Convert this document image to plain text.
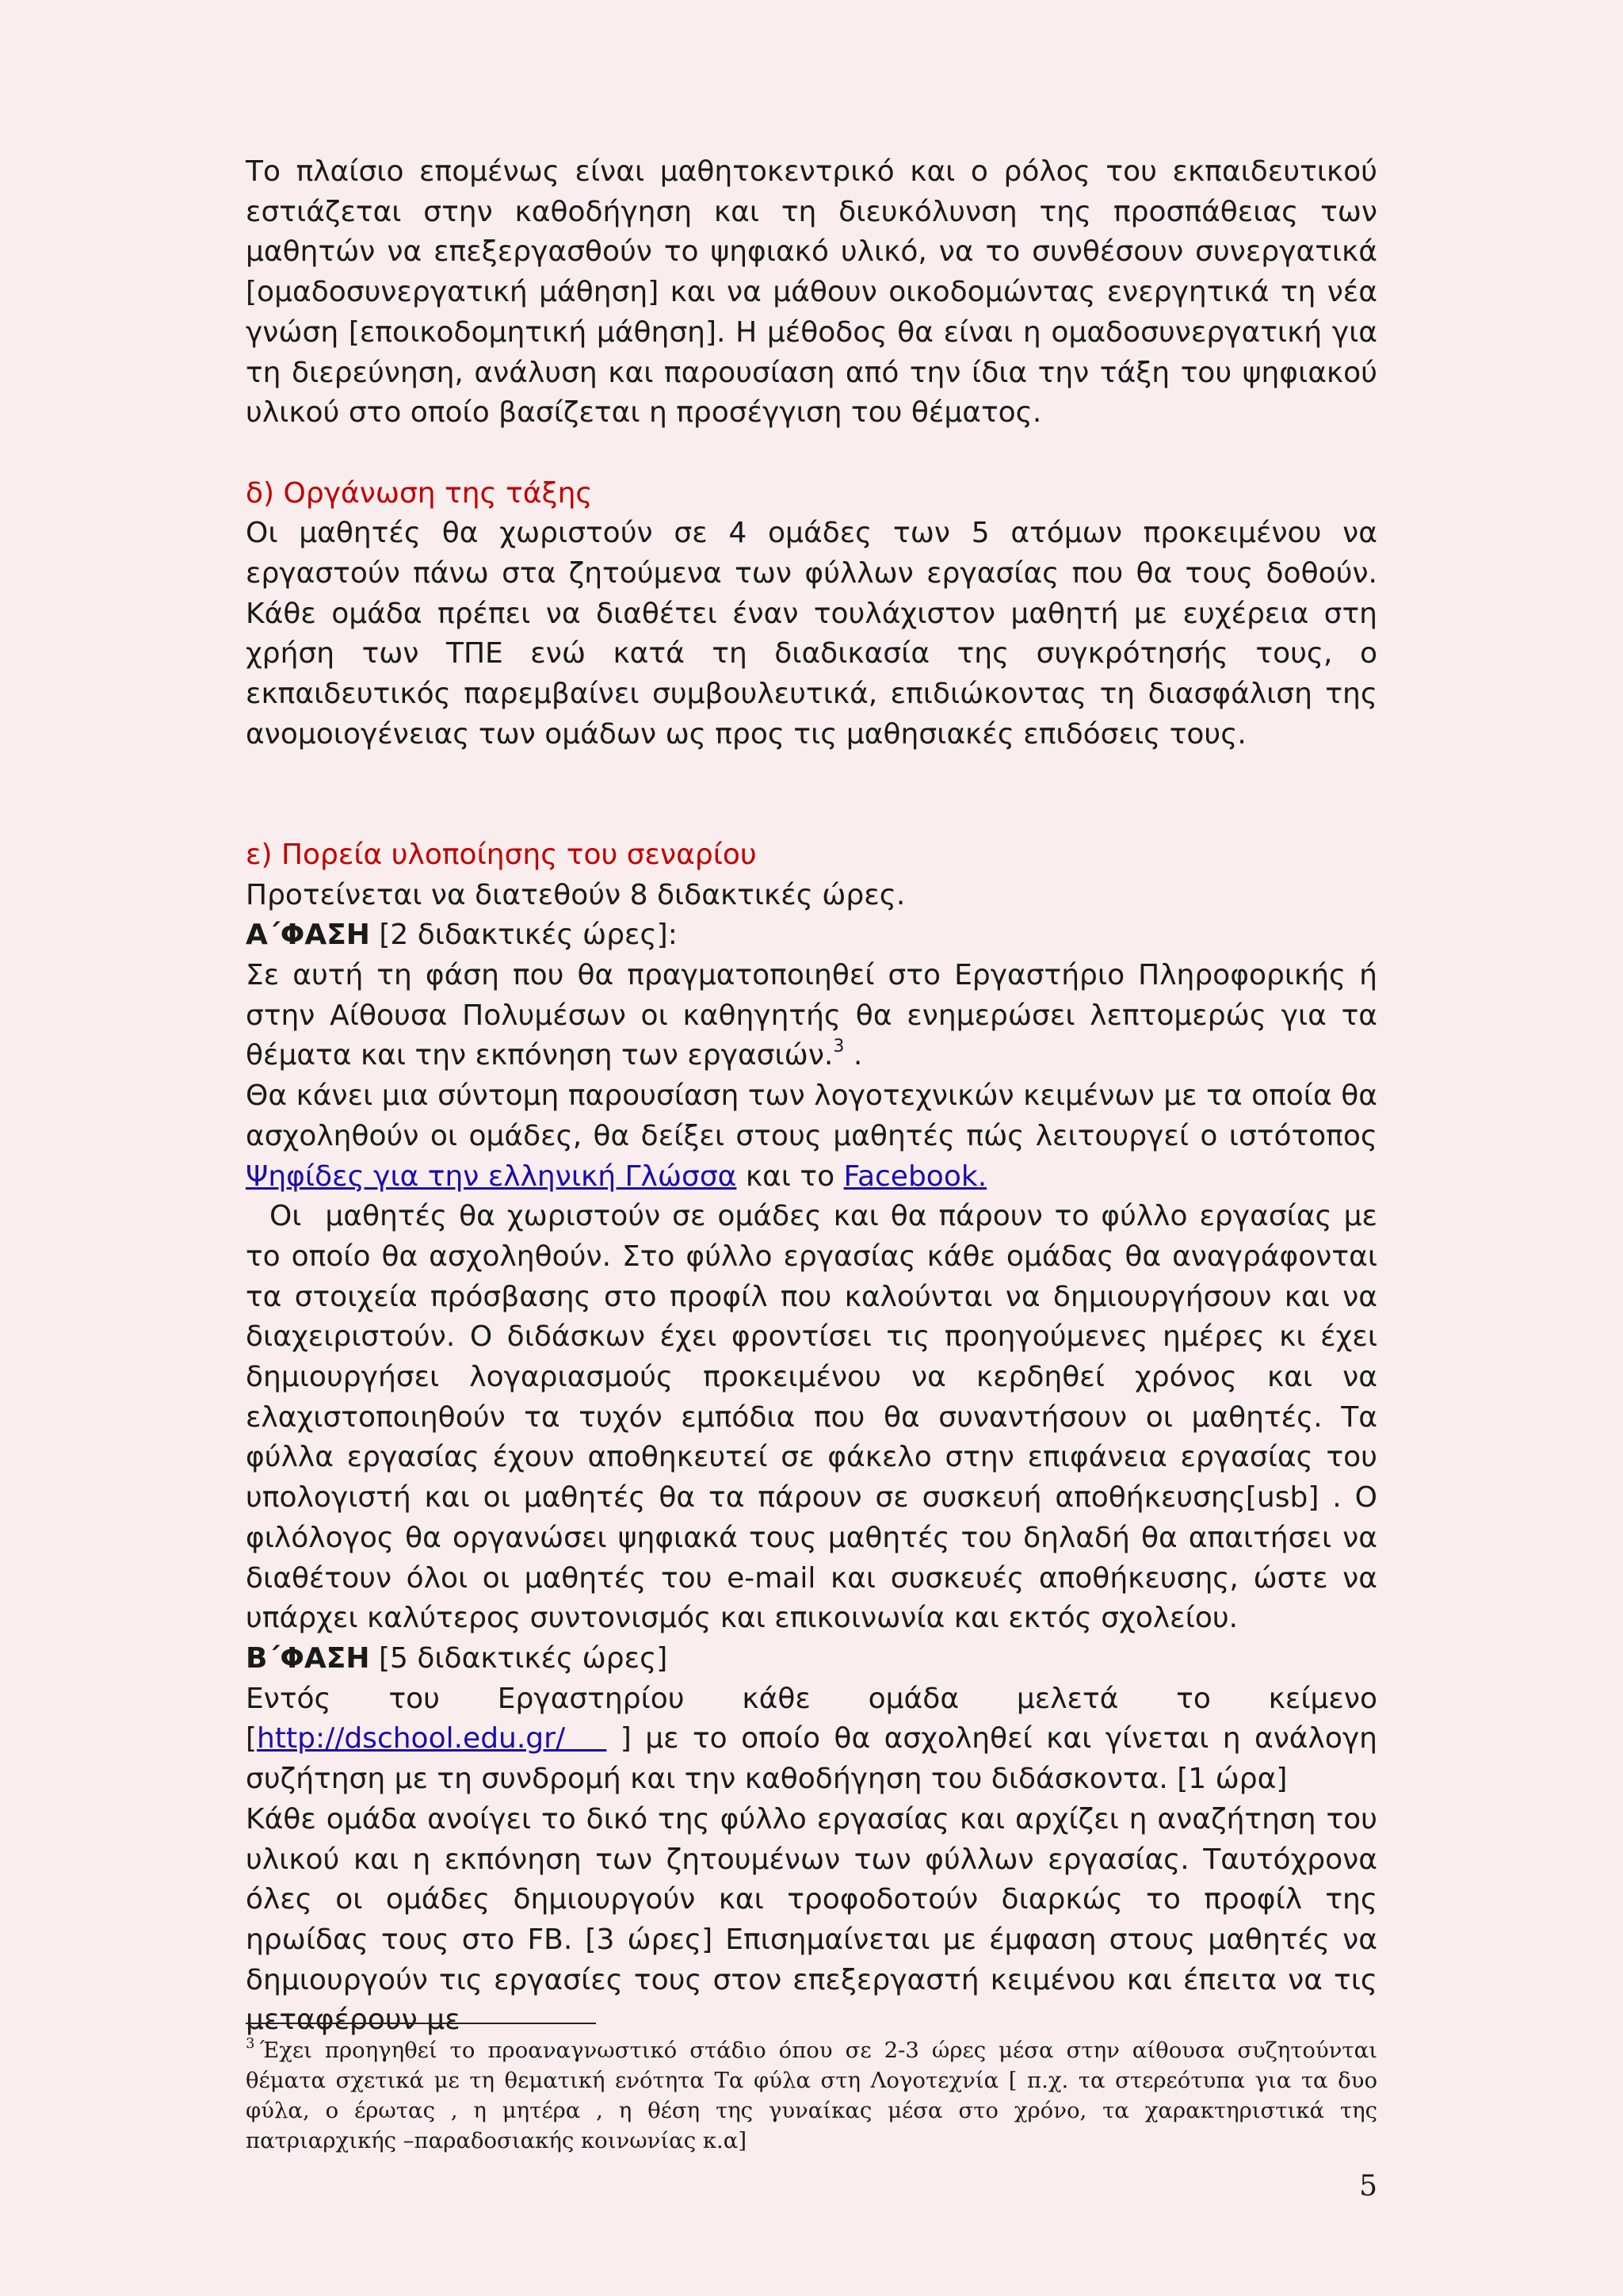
Το πλαίσιο επομένως είναι μαθητοκεντρικό και ο ρόλος του εκπαιδευτικού εστιάζεται στην καθοδήγηση και τη διευκόλυνση της προσπάθειας των μαθητών να επεξεργασθούν το ψηφιακό υλικό, να το συνθέσουν συνεργατικά [ομαδοσυνεργατική μάθηση] και να μάθουν οικοδομώντας ενεργητικά τη νέα γνώση [εποικοδομητική μάθηση]. Η μέθοδος θα είναι η ομαδοσυνεργατική για τη διερεύνηση, ανάλυση και παρουσίαση από την ίδια την τάξη του ψηφιακού υλικού στο οποίο βασίζεται η προσέγγιση του θέματος.

δ) Οργάνωση της τάξης

Οι μαθητές θα χωριστούν σε 4 ομάδες των 5 ατόμων προκειμένου να εργαστούν πάνω στα ζητούμενα των φύλλων εργασίας που θα τους δοθούν. Κάθε ομάδα πρέπει να διαθέτει έναν τουλάχιστον μαθητή με ευχέρεια στη χρήση των ΤΠΕ ενώ κατά τη διαδικασία της συγκρότησής τους, ο εκπαιδευτικός παρεμβαίνει συμβουλευτικά, επιδιώκοντας τη διασφάλιση της ανομοιογένειας των ομάδων ως προς τις μαθησιακές επιδόσεις τους.

ε) Πορεία υλοποίησης του σεναρίου

Προτείνεται να διατεθούν 8 διδακτικές ώρες.

Α΄ΦΑΣΗ [2 διδακτικές ώρες]:

Σε αυτή τη φάση που θα πραγματοποιηθεί στο Εργαστήριο Πληροφορικής ή στην Αίθουσα Πολυμέσων οι καθηγητής θα ενημερώσει λεπτομερώς για τα θέματα και την εκπόνηση των εργασιών.$^3$ .

Θα κάνει μια σύντομη παρουσίαση των λογοτεχνικών κειμένων με τα οποία θα ασχοληθούν οι ομάδες, θα δείξει στους μαθητές πώς λειτουργεί ο ιστότοπος Ψηφίδες για την ελληνική Γλώσσα και το Facebook.

Οι  μαθητές θα χωριστούν σε ομάδες και θα πάρουν το φύλλο εργασίας με το οποίο θα ασχοληθούν. Στο φύλλο εργασίας κάθε ομάδας θα αναγράφονται τα στοιχεία πρόσβασης στο προφίλ που καλούνται να δημιουργήσουν και να διαχειριστούν. Ο διδάσκων έχει φροντίσει τις προηγούμενες ημέρες κι έχει δημιουργήσει λογαριασμούς προκειμένου να κερδηθεί χρόνος και να ελαχιστοποιηθούν τα τυχόν εμπόδια που θα συναντήσουν οι μαθητές. Τα φύλλα εργασίας έχουν αποθηκευτεί σε φάκελο στην επιφάνεια εργασίας του υπολογιστή και οι μαθητές θα τα πάρουν σε συσκευή αποθήκευσης[usb] . Ο φιλόλογος θα οργανώσει ψηφιακά τους μαθητές του δηλαδή θα απαιτήσει να διαθέτουν όλοι οι μαθητές του e-mail και συσκευές αποθήκευσης, ώστε να υπάρχει καλύτερος συντονισμός και επικοινωνία και εκτός σχολείου.

Β΄ΦΑΣΗ [5 διδακτικές ώρες]

Εντός του Εργαστηρίου κάθε ομάδα μελετά το κείμενο [http://dschool.edu.gr/    ] με το οποίο θα ασχοληθεί και γίνεται η ανάλογη συζήτηση με τη συνδρομή και την καθοδήγηση του διδάσκοντα. [1 ώρα]

Κάθε ομάδα ανοίγει το δικό της φύλλο εργασίας και αρχίζει η αναζήτηση του υλικού και η εκπόνηση των ζητουμένων των φύλλων εργασίας. Ταυτόχρονα όλες οι ομάδες δημιουργούν και τροφοδοτούν διαρκώς το προφίλ της ηρωίδας τους στο FB. [3 ώρες] Επισημαίνεται με έμφαση στους μαθητές να δημιουργούν τις εργασίες τους στον επεξεργαστή κειμένου και έπειτα να τις μεταφέρουν με

$^3$ Έχει προηγηθεί το προαναγνωστικό στάδιο όπου σε 2-3 ώρες μέσα στην αίθουσα συζητούνται θέματα σχετικά με τη θεματική ενότητα Τα φύλα στη Λογοτεχνία [ π.χ. τα στερεότυπα για τα δυο φύλα, ο έρωτας , η μητέρα , η θέση της γυναίκας μέσα στο χρόνο, τα χαρακτηριστικά της πατριαρχικής –παραδοσιακής κοινωνίας κ.α]
5
